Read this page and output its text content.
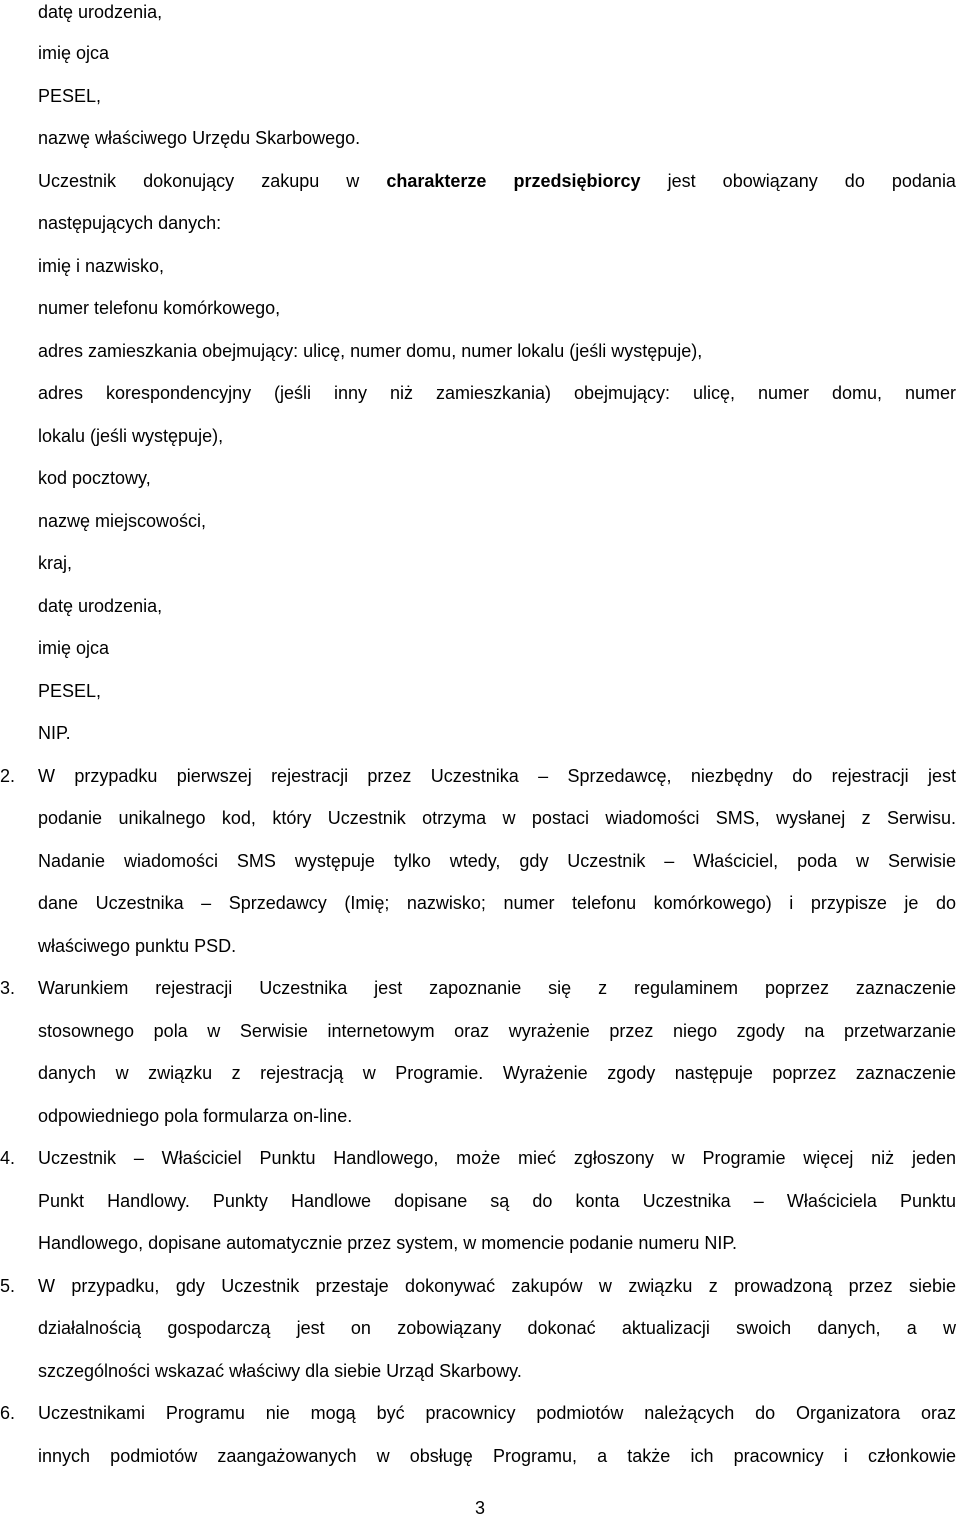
datę urodzenia,
imię ojca
PESEL,
nazwę właściwego Urzędu Skarbowego.
Uczestnik dokonujący zakupu w charakterze przedsiębiorcy jest obowiązany do podania
następujących danych:
imię i nazwisko,
numer telefonu komórkowego,
adres zamieszkania obejmujący: ulicę, numer domu, numer lokalu (jeśli występuje),
adres korespondencyjny (jeśli inny niż zamieszkania) obejmujący: ulicę, numer domu, numer
lokalu (jeśli występuje),
kod pocztowy,
nazwę miejscowości,
kraj,
datę urodzenia,
imię ojca
PESEL,
NIP.
2. W przypadku pierwszej rejestracji przez Uczestnika – Sprzedawcę, niezbędny do rejestracji jest
podanie unikalnego kod, który Uczestnik otrzyma w postaci wiadomości SMS, wysłanej z Serwisu.
Nadanie wiadomości SMS występuje tylko wtedy, gdy Uczestnik – Właściciel, poda w Serwisie
dane Uczestnika – Sprzedawcy (Imię; nazwisko; numer telefonu komórkowego) i przypisze je do
właściwego punktu PSD.
3. Warunkiem rejestracji Uczestnika jest zapoznanie się z regulaminem poprzez zaznaczenie
stosownego pola w Serwisie internetowym oraz wyrażenie przez niego zgody na przetwarzanie
danych w związku z rejestracją w Programie. Wyrażenie zgody następuje poprzez zaznaczenie
odpowiedniego pola formularza on-line.
4. Uczestnik – Właściciel Punktu Handlowego, może mieć zgłoszony w Programie więcej niż jeden
Punkt Handlowy. Punkty Handlowe dopisane są do konta Uczestnika – Właściciela Punktu
Handlowego, dopisane automatycznie przez system, w momencie podanie numeru NIP.
5. W przypadku, gdy Uczestnik przestaje dokonywać zakupów w związku z prowadzoną przez siebie
działalnością gospodarczą jest on zobowiązany dokonać aktualizacji swoich danych, a w
szczególności wskazać właściwy dla siebie Urząd Skarbowy.
6. Uczestnikami Programu nie mogą być pracownicy podmiotów należących do Organizatora oraz
innych podmiotów zaangażowanych w obsługę Programu, a także ich pracownicy i członkowie
3
